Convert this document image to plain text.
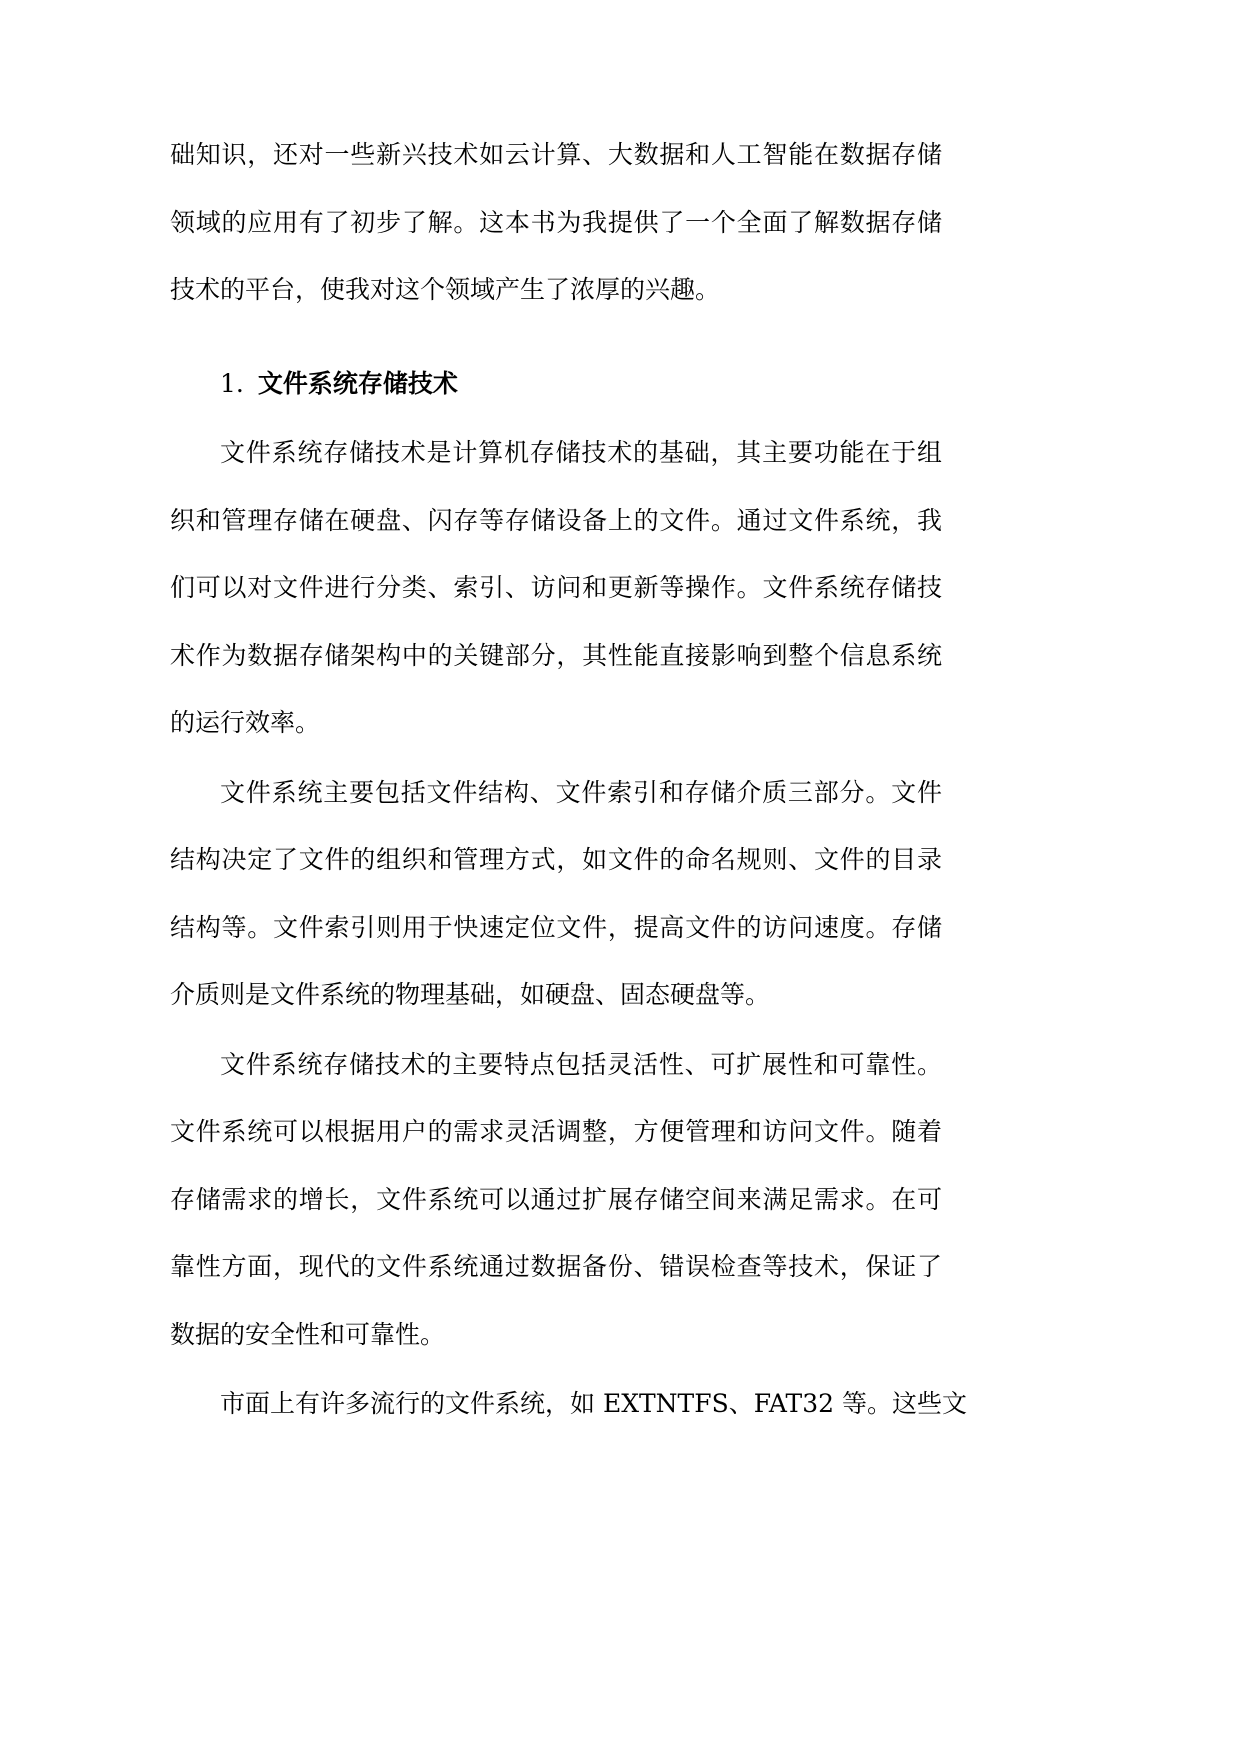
础知识，还对一些新兴技术如云计算、大数据和人工智能在数据存储
领域的应用有了初步了解。这本书为我提供了一个全面了解数据存储
技术的平台，使我对这个领域产生了浓厚的兴趣。
1. 文件系统存储技术
文件系统存储技术是计算机存储技术的基础，其主要功能在于组
织和管理存储在硬盘、闪存等存储设备上的文件。通过文件系统，我
们可以对文件进行分类、索引、访问和更新等操作。文件系统存储技
术作为数据存储架构中的关键部分，其性能直接影响到整个信息系统
的运行效率。
文件系统主要包括文件结构、文件索引和存储介质三部分。文件
结构决定了文件的组织和管理方式，如文件的命名规则、文件的目录
结构等。文件索引则用于快速定位文件，提高文件的访问速度。存储
介质则是文件系统的物理基础，如硬盘、固态硬盘等。
文件系统存储技术的主要特点包括灵活性、可扩展性和可靠性。
文件系统可以根据用户的需求灵活调整，方便管理和访问文件。随着
存储需求的增长，文件系统可以通过扩展存储空间来满足需求。在可
靠性方面，现代的文件系统通过数据备份、错误检查等技术，保证了
数据的安全性和可靠性。
市面上有许多流行的文件系统，如 EXTNTFS、FAT32 等。这些文
